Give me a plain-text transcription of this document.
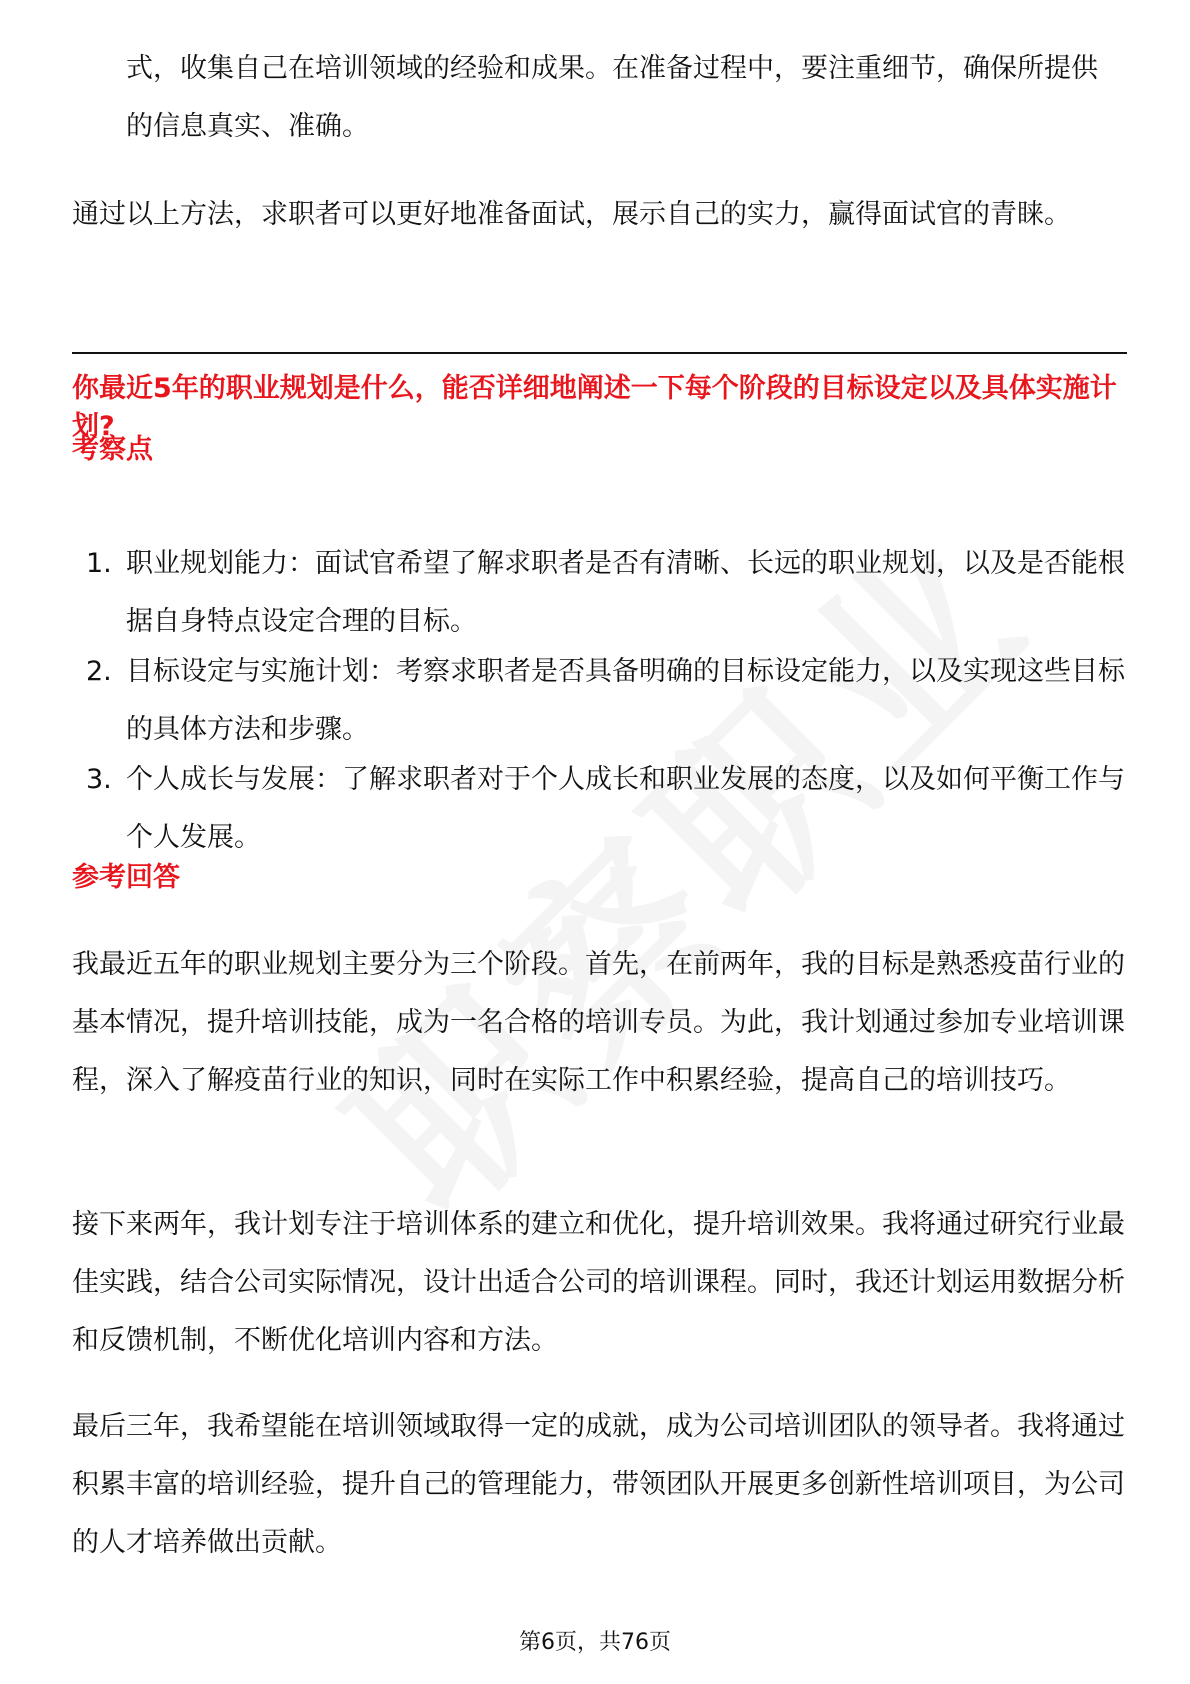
式，收集自己在培训领域的经验和成果。在准备过程中，要注重细节，确保所提供的信息真实、准确。

通过以上方法，求职者可以更好地准备面试，展示自己的实力，赢得面试官的青睐。

你最近5年的职业规划是什么，能否详细地阐述一下每个阶段的目标设定以及具体实施计划?

考察点

1. 职业规划能力：面试官希望了解求职者是否有清晰、长远的职业规划，以及是否能根据自身特点设定合理的目标。

2. 目标设定与实施计划：考察求职者是否具备明确的目标设定能力，以及实现这些目标的具体方法和步骤。

3. 个人成长与发展：了解求职者对于个人成长和职业发展的态度，以及如何平衡工作与个人发展。

参考回答

我最近五年的职业规划主要分为三个阶段。首先，在前两年，我的目标是熟悉疫苗行业的基本情况，提升培训技能，成为一名合格的培训专员。为此，我计划通过参加专业培训课程，深入了解疫苗行业的知识，同时在实际工作中积累经验，提高自己的培训技巧。

接下来两年，我计划专注于培训体系的建立和优化，提升培训效果。我将通过研究行业最佳实践，结合公司实际情况，设计出适合公司的培训课程。同时，我还计划运用数据分析和反馈机制，不断优化培训内容和方法。

最后三年，我希望能在培训领域取得一定的成就，成为公司培训团队的领导者。我将通过积累丰富的培训经验，提升自己的管理能力，带领团队开展更多创新性培训项目，为公司的人才培养做出贡献。

第6页，共76页
